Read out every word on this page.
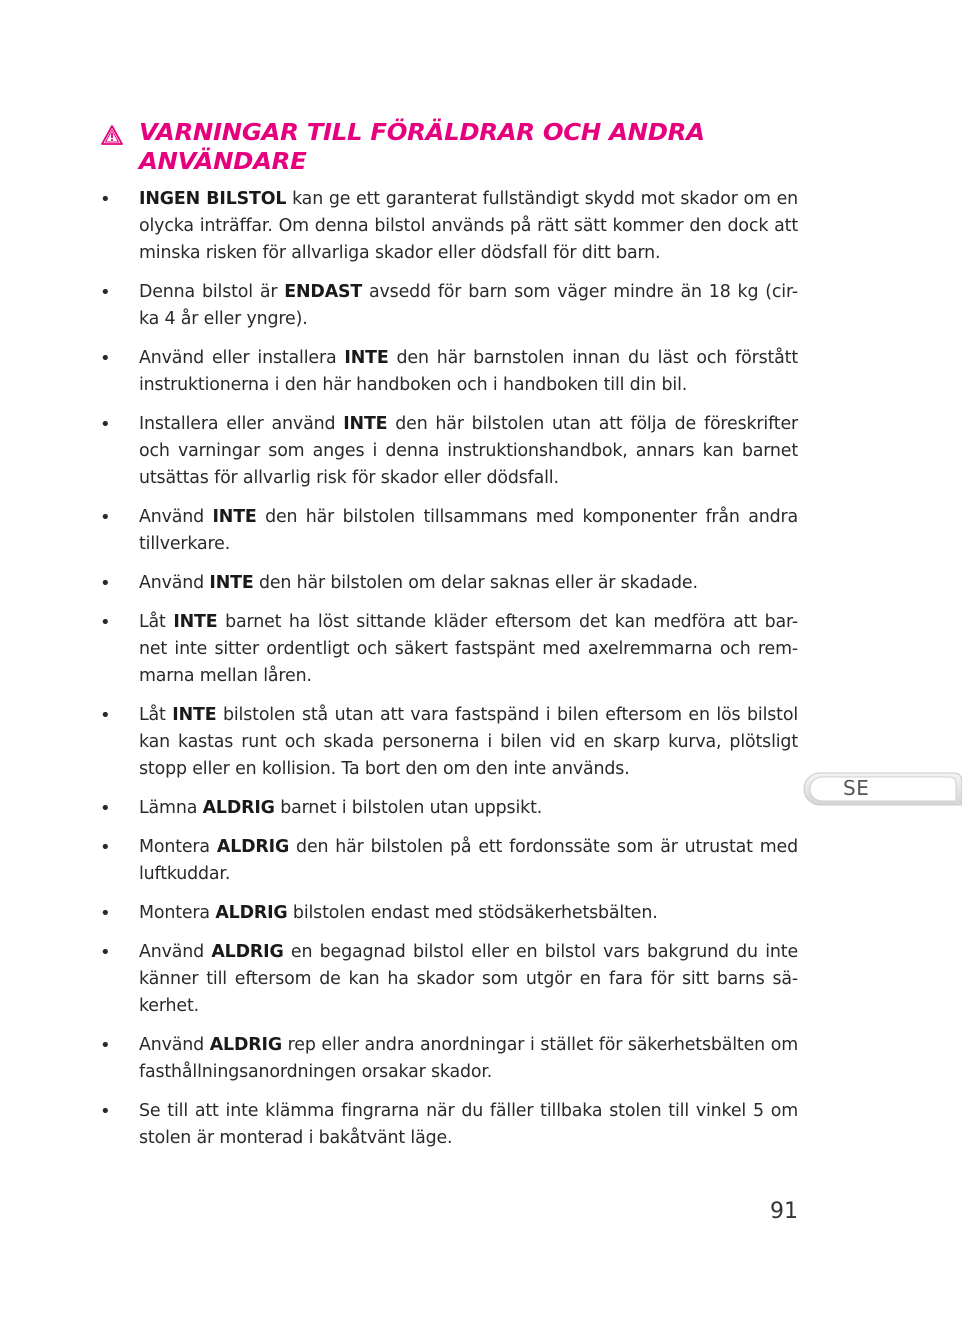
VARNINGAR TILL FÖRÄLDRAR OCH ANDRA ANVÄNDARE
• INGEN BILSTOL kan ge ett garanterat fullständigt skydd mot skador om en olycka inträffar. Om denna bilstol används på rätt sätt kommer den dock att minska risken för allvarliga skador eller dödsfall för ditt barn.
• Denna bilstol är ENDAST avsedd för barn som väger mindre än 18 kg (cir-ka 4 år eller yngre).
• Använd eller installera INTE den här barnstolen innan du läst och förstått instruktionerna i den här handboken och i handboken till din bil.
• Installera eller använd INTE den här bilstolen utan att följa de föreskrifter och varningar som anges i denna instruktionshandbok, annars kan barnet utsättas för allvarlig risk för skador eller dödsfall.
• Använd INTE den här bilstolen tillsammans med komponenter från andra tillverkare.
• Använd INTE den här bilstolen om delar saknas eller är skadade.
• Låt INTE barnet ha löst sittande kläder eftersom det kan medföra att bar-net inte sitter ordentligt och säkert fastspänt med axelremmarna och rem-marna mellan låren.
• Låt INTE bilstolen stå utan att vara fastspänd i bilen eftersom en lös bilstol kan kastas runt och skada personerna i bilen vid en skarp kurva, plötsligt stopp eller en kollision. Ta bort den om den inte används.
• Lämna ALDRIG barnet i bilstolen utan uppsikt.
• Montera ALDRIG den här bilstolen på ett fordonssäte som är utrustat med luftkuddar.
• Montera ALDRIG bilstolen endast med stödsäkerhetsbälten.
• Använd ALDRIG en begagnad bilstol eller en bilstol vars bakgrund du inte känner till eftersom de kan ha skador som utgör en fara för sitt barns sä-kerhet.
• Använd ALDRIG rep eller andra anordningar i stället för säkerhetsbälten om fasthållningsanordningen orsakar skador.
• Se till att inte klämma fingrarna när du fäller tillbaka stolen till vinkel 5 om stolen är monterad i bakåtvänt läge.
SE
91
